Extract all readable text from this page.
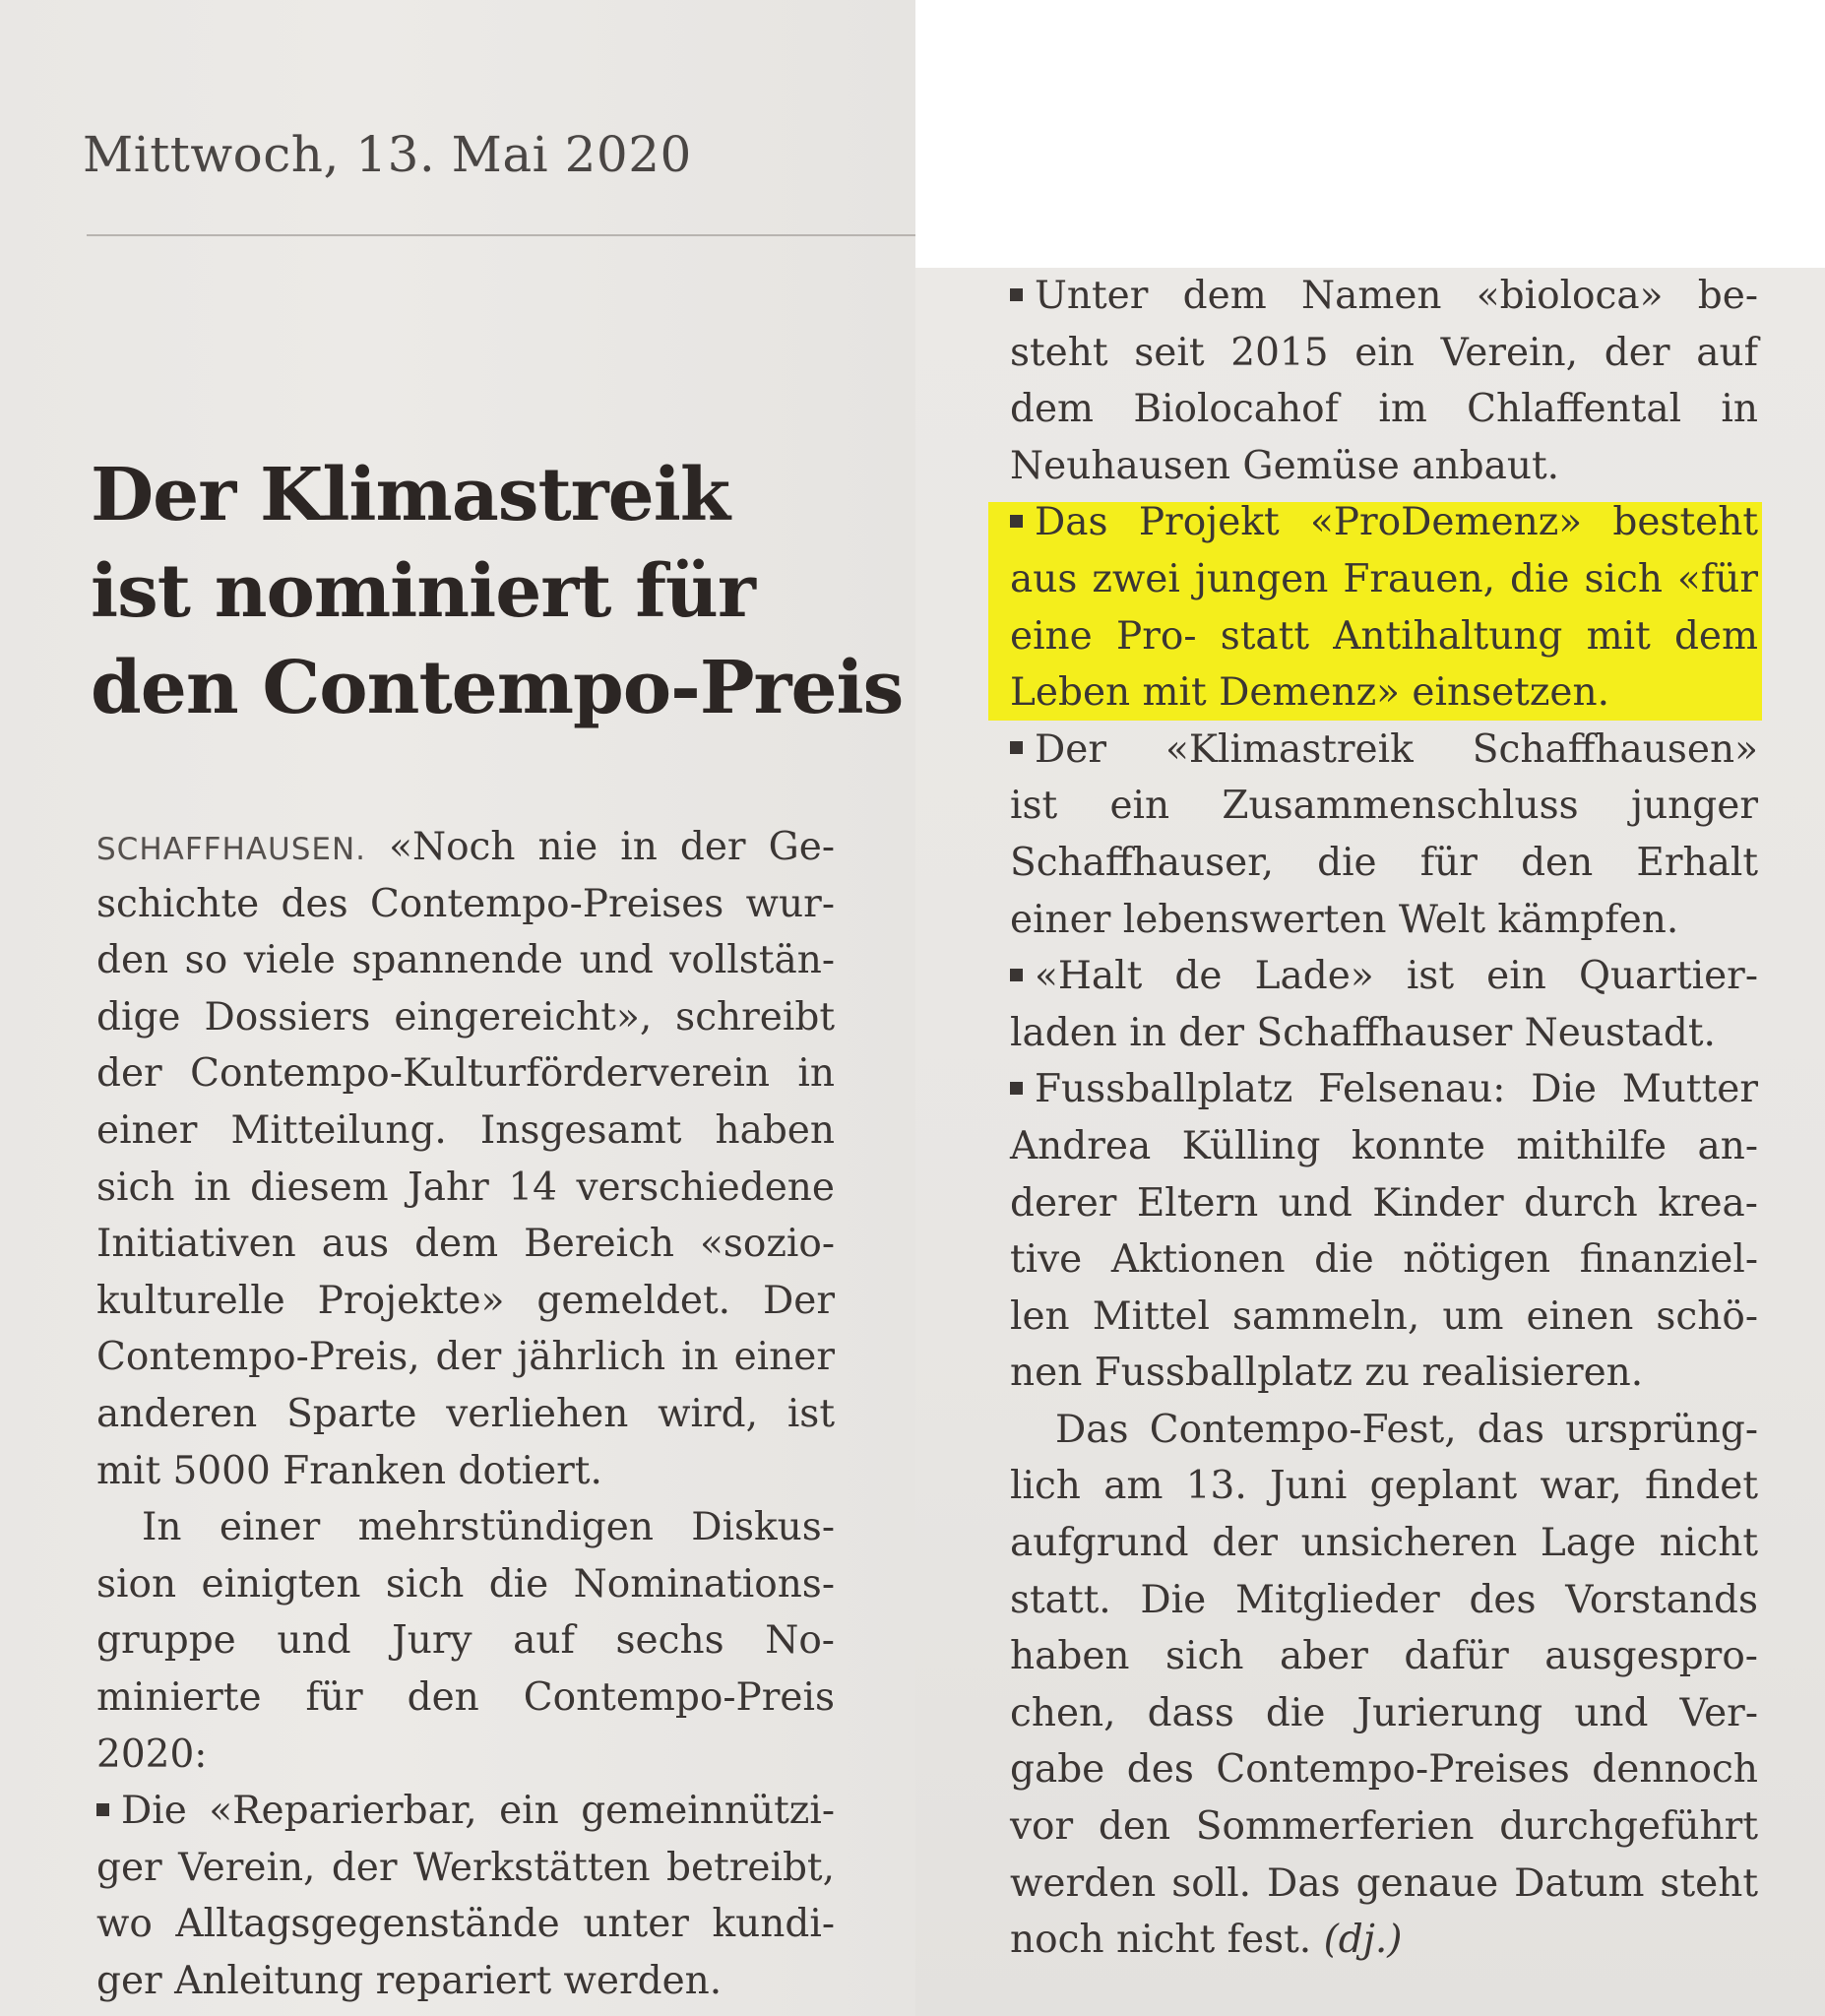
Mittwoch, 13. Mai 2020
Der Klimastreik
ist nominiert für
den Contempo-Preis
SCHAFFHAUSEN. «Noch nie in der Ge-
schichte des Contempo-Preises wur-
den so viele spannende und vollstän-
dige Dossiers eingereicht», schreibt
der Contempo-Kulturförderverein in
einer Mitteilung. Insgesamt haben
sich in diesem Jahr 14 verschiedene
Initiativen aus dem Bereich «sozio-
kulturelle Projekte» gemeldet. Der
Contempo-Preis, der jährlich in einer
anderen Sparte verliehen wird, ist
mit 5000 Franken dotiert.
In einer mehrstündigen Diskus-
sion einigten sich die Nominations-
gruppe und Jury auf sechs No-
minierte für den Contempo-Preis
2020:
Die «Reparierbar, ein gemeinnützi-
ger Verein, der Werkstätten betreibt,
wo Alltagsgegenstände unter kundi-
ger Anleitung repariert werden.
Unter dem Namen «bioloca» be-
steht seit 2015 ein Verein, der auf
dem Biolocahof im Chlaffental in
Neuhausen Gemüse anbaut.
Das Projekt «ProDemenz» besteht
aus zwei jungen Frauen, die sich «für
eine Pro- statt Antihaltung mit dem
Leben mit Demenz» einsetzen.
Der «Klimastreik Schaffhausen»
ist ein Zusammenschluss junger
Schaffhauser, die für den Erhalt
einer lebenswerten Welt kämpfen.
«Halt de Lade» ist ein Quartier-
laden in der Schaffhauser Neustadt.
Fussballplatz Felsenau: Die Mutter
Andrea Külling konnte mithilfe an-
derer Eltern und Kinder durch krea-
tive Aktionen die nötigen finanziel-
len Mittel sammeln, um einen schö-
nen Fussballplatz zu realisieren.
Das Contempo-Fest, das ursprüng-
lich am 13. Juni geplant war, findet
aufgrund der unsicheren Lage nicht
statt. Die Mitglieder des Vorstands
haben sich aber dafür ausgespro-
chen, dass die Jurierung und Ver-
gabe des Contempo-Preises dennoch
vor den Sommerferien durchgeführt
werden soll. Das genaue Datum steht
noch nicht fest. (dj.)
